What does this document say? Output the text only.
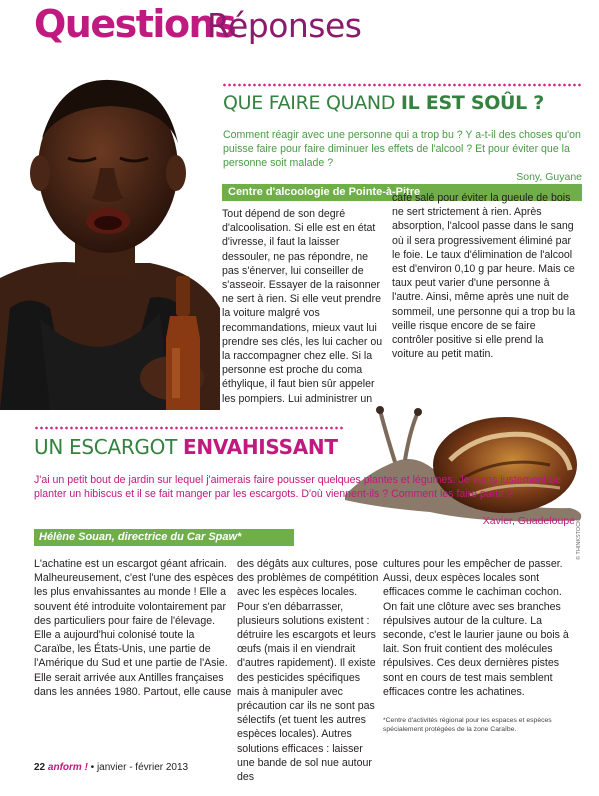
Questions
Réponses
QUE FAIRE QUAND IL EST SOÛL ?
Comment réagir avec une personne qui a trop bu ? Y a-t-il des choses qu'on puisse faire pour faire diminuer les effets de l'alcool ? Et pour éviter que la personne soit malade ?
Sony, Guyane
Centre d'alcoologie de Pointe-à-Pitre
Tout dépend de son degré d'alcoolisation. Si elle est en état d'ivresse, il faut la laisser dessouler, ne pas répondre, ne pas s'énerver, lui conseiller de s'asseoir. Essayer de la raisonner ne sert à rien. Si elle veut prendre la voiture malgré vos recommandations, mieux vaut lui prendre ses clés, les lui cacher ou la raccompagner chez elle. Si la personne est proche du coma éthylique, il faut bien sûr appeler les pompiers. Lui administrer un
café salé pour éviter la gueule de bois ne sert strictement à rien. Après absorption, l'alcool passe dans le sang où il sera progressivement éliminé par le foie. Le taux d'élimination de l'alcool est d'environ 0,10 g par heure. Mais ce taux peut varier d'une personne à l'autre. Ainsi, même après une nuit de sommeil, une personne qui a trop bu la veille risque encore de se faire contrôler positive si elle prend la voiture au petit matin.
UN ESCARGOT ENVAHISSANT
© THINKSTOCK
J'ai un petit bout de jardin sur lequel j'aimerais faire pousser quelques plantes et légumes. Je viens justement de planter un hibiscus et il se fait manger par les escargots. D'où viennent-ils ? Comment les faire partir ?
Xavier, Guadeloupe
Hélène Souan, directrice du Car Spaw*
L'achatine est un escargot géant africain. Malheureusement, c'est l'une des espèces les plus envahissantes au monde ! Elle a souvent été introduite volontairement par des particuliers pour faire de l'élevage. Elle a aujourd'hui colonisé toute la Caraïbe, les États-Unis, une partie de l'Amérique du Sud et une partie de l'Asie. Elle serait arrivée aux Antilles françaises dans les années 1980. Partout, elle cause
des dégâts aux cultures, pose des problèmes de compétition avec les espèces locales. Pour s'en débarrasser, plusieurs solutions existent : détruire les escargots et leurs œufs (mais il en viendrait d'autres rapidement). Il existe des pesticides spécifiques mais à manipuler avec précaution car ils ne sont pas sélectifs (et tuent les autres espèces locales). Autres solutions efficaces : laisser une bande de sol nue autour des
cultures pour les empêcher de passer. Aussi, deux espèces locales sont efficaces comme le cachiman cochon. On fait une clôture avec ses branches répulsives autour de la culture. La seconde, c'est le laurier jaune ou bois à lait. Son fruit contient des molécules répulsives. Ces deux dernières pistes sont en cours de test mais semblent efficaces contre les achatines.
*Centre d'activités régional pour les espaces et espèces spécialement protégées de la zone Caraïbe.
22 anform ! • janvier - février 2013
